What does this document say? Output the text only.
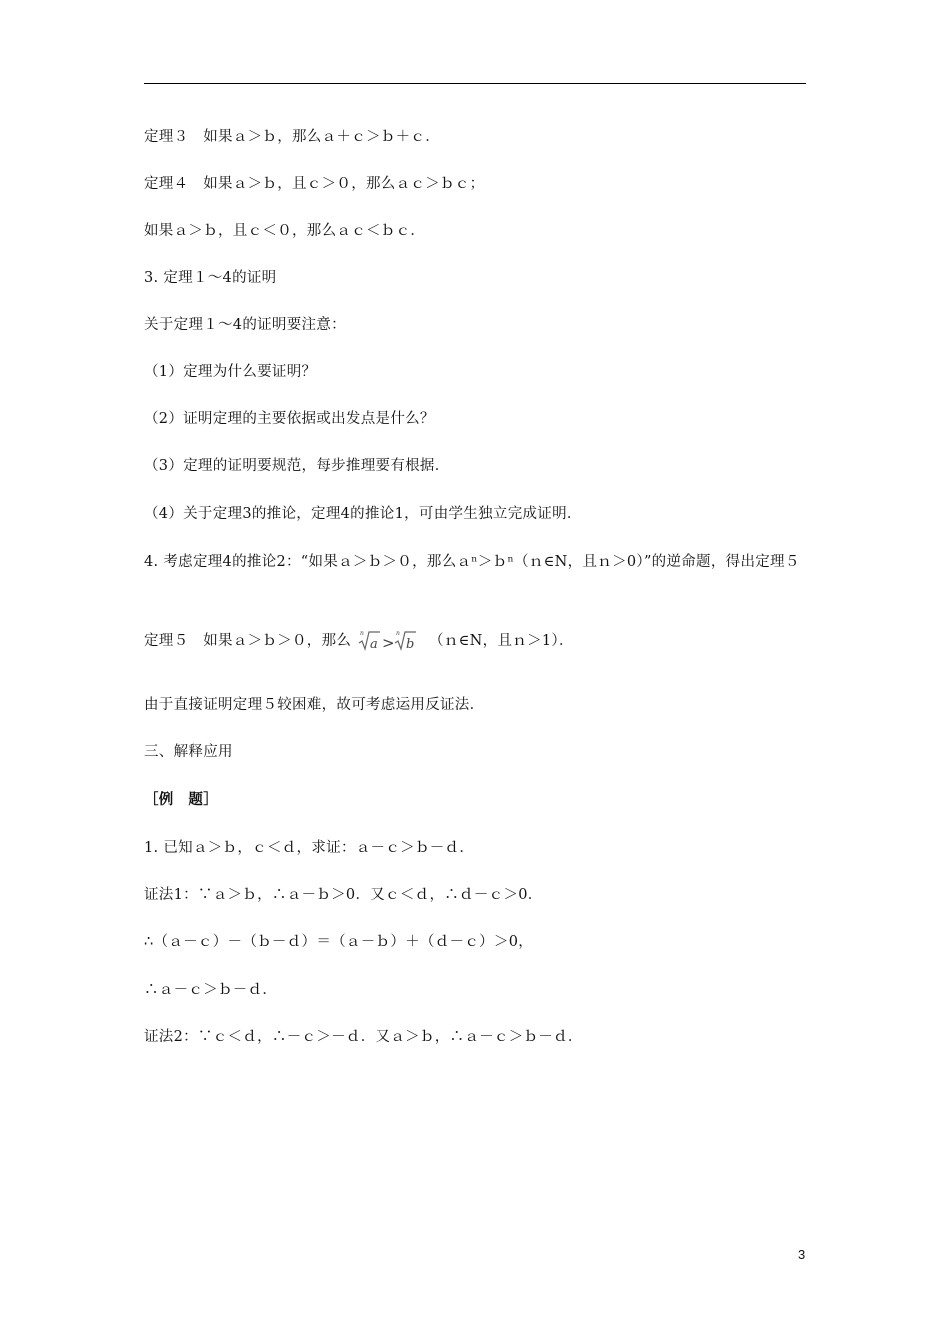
定理３　如果ａ＞ｂ，那么ａ＋ｃ＞ｂ＋ｃ．
定理４　如果ａ＞ｂ，且ｃ＞０，那么ａｃ＞ｂｃ；
如果ａ＞ｂ，且ｃ＜０，那么ａｃ＜ｂｃ．
3. 定理１～4的证明
关于定理１～4的证明要注意：
（1）定理为什么要证明？
（2）证明定理的主要依据或出发点是什么？
（3）定理的证明要规范，每步推理要有根据．
（4）关于定理3的推论，定理4的推论1，可由学生独立完成证明．
4. 考虑定理4的推论2：“如果ａ＞ｂ＞０，那么ａⁿ＞ｂⁿ（ｎ∈N，且ｎ＞0）”的逆命题，得出定理５
定理５　如果ａ＞ｂ＞０，那么 n
a >
n
b （ｎ∈N，且ｎ＞1）．
由于直接证明定理５较困难，故可考虑运用反证法．
三、解释应用
［例　题］
1. 已知ａ＞ｂ，ｃ＜ｄ，求证：ａ－ｃ＞ｂ－ｄ．
证法1：∵ａ＞ｂ，∴ａ－ｂ＞0．又ｃ＜ｄ，∴ｄ－ｃ＞0．
∴（ａ－ｃ）－（ｂ－ｄ）＝（ａ－ｂ）＋（ｄ－ｃ）＞0，
∴ａ－ｃ＞ｂ－ｄ．
证法2：∵ｃ＜ｄ，∴－ｃ＞－ｄ．又ａ＞ｂ，∴ａ－ｃ＞ｂ－ｄ．
3
